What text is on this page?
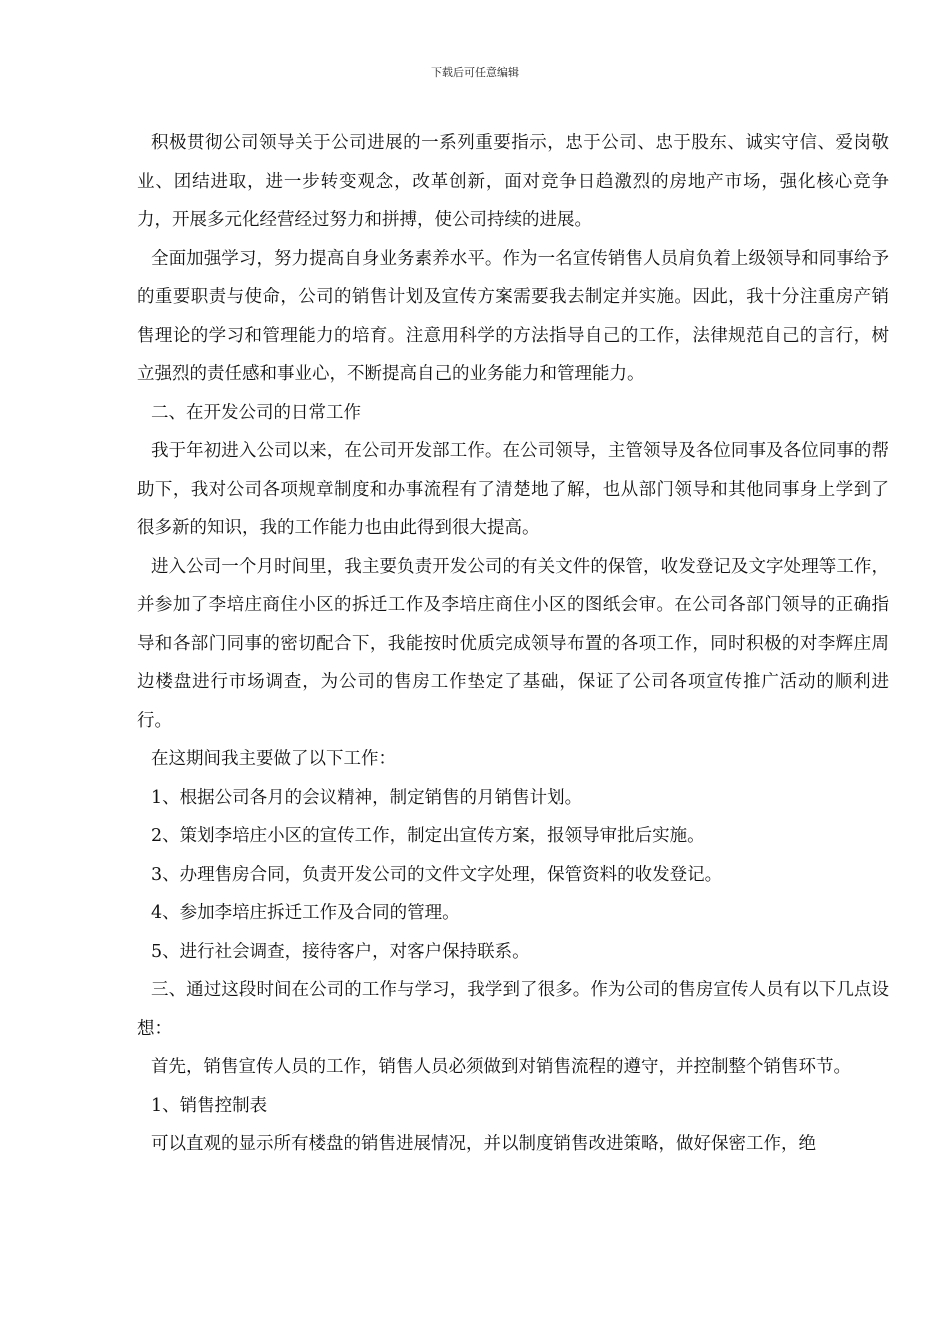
下载后可任意编辑

积极贯彻公司领导关于公司进展的一系列重要指示，忠于公司、忠于股东、诚实守信、爱岗敬业、团结进取，进一步转变观念，改革创新，面对竞争日趋激烈的房地产市场，强化核心竞争力，开展多元化经营经过努力和拼搏，使公司持续的进展。

全面加强学习，努力提高自身业务素养水平。作为一名宣传销售人员肩负着上级领导和同事给予的重要职责与使命，公司的销售计划及宣传方案需要我去制定并实施。因此，我十分注重房产销售理论的学习和管理能力的培育。注意用科学的方法指导自己的工作，法律规范自己的言行，树立强烈的责任感和事业心，不断提高自己的业务能力和管理能力。

二、在开发公司的日常工作

我于年初进入公司以来，在公司开发部工作。在公司领导，主管领导及各位同事及各位同事的帮助下，我对公司各项规章制度和办事流程有了清楚地了解，也从部门领导和其他同事身上学到了很多新的知识，我的工作能力也由此得到很大提高。

进入公司一个月时间里，我主要负责开发公司的有关文件的保管，收发登记及文字处理等工作，并参加了李培庄商住小区的拆迁工作及李培庄商住小区的图纸会审。在公司各部门领导的正确指导和各部门同事的密切配合下，我能按时优质完成领导布置的各项工作，同时积极的对李辉庄周边楼盘进行市场调查，为公司的售房工作垫定了基础，保证了公司各项宣传推广活动的顺利进行。

在这期间我主要做了以下工作：

1、根据公司各月的会议精神，制定销售的月销售计划。

2、策划李培庄小区的宣传工作，制定出宣传方案，报领导审批后实施。

3、办理售房合同，负责开发公司的文件文字处理，保管资料的收发登记。

4、参加李培庄拆迁工作及合同的管理。

5、进行社会调查，接待客户，对客户保持联系。

三、通过这段时间在公司的工作与学习，我学到了很多。作为公司的售房宣传人员有以下几点设想：

首先，销售宣传人员的工作，销售人员必须做到对销售流程的遵守，并控制整个销售环节。

1、销售控制表

可以直观的显示所有楼盘的销售进展情况，并以制度销售改进策略，做好保密工作，绝
